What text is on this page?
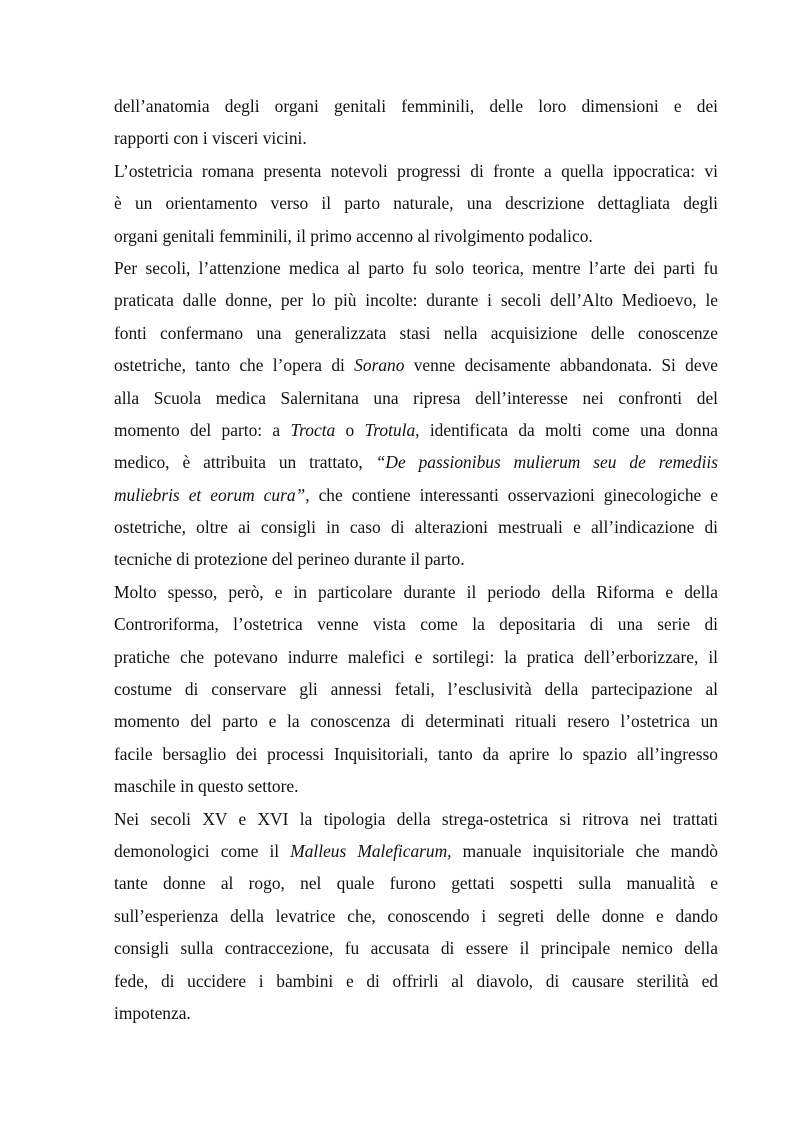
dell’anatomia degli organi genitali femminili, delle loro dimensioni e dei
rapporti con i visceri vicini.
L’ostetricia romana presenta notevoli progressi di fronte a quella ippocratica: vi
è un orientamento verso il parto naturale, una descrizione dettagliata degli
organi genitali femminili, il primo accenno al rivolgimento podalico.
Per secoli, l’attenzione medica al parto fu solo teorica, mentre l’arte dei parti fu
praticata dalle donne, per lo più incolte: durante i secoli dell’Alto Medioevo, le
fonti confermano una generalizzata stasi nella acquisizione delle conoscenze
ostetriche, tanto che l’opera di Sorano venne decisamente abbandonata. Si deve
alla Scuola medica Salernitana una ripresa dell’interesse nei confronti del
momento del parto: a Trocta o Trotula, identificata da molti come una donna
medico, è attribuita un trattato, “De passionibus mulierum seu de remediis
muliebris et eorum cura”, che contiene interessanti osservazioni ginecologiche e
ostetriche, oltre ai consigli in caso di alterazioni mestruali e all’indicazione di
tecniche di protezione del perineo durante il parto.
Molto spesso, però, e in particolare durante il periodo della Riforma e della
Controriforma, l’ostetrica venne vista come la depositaria di una serie di
pratiche che potevano indurre malefici e sortilegi: la pratica dell’erborizzare, il
costume di conservare gli annessi fetali, l’esclusività della partecipazione al
momento del parto e la conoscenza di determinati rituali resero l’ostetrica un
facile bersaglio dei processi Inquisitoriali, tanto da aprire lo spazio all’ingresso
maschile in questo settore.
Nei secoli XV e XVI la tipologia della strega-ostetrica si ritrova nei trattati
demonologici come il Malleus Maleficarum, manuale inquisitoriale che mandò
tante donne al rogo, nel quale furono gettati sospetti sulla manualità e
sull’esperienza della levatrice che, conoscendo i segreti delle donne e dando
consigli sulla contraccezione, fu accusata di essere il principale nemico della
fede, di uccidere i bambini e di offrirli al diavolo, di causare sterilità ed
impotenza.
